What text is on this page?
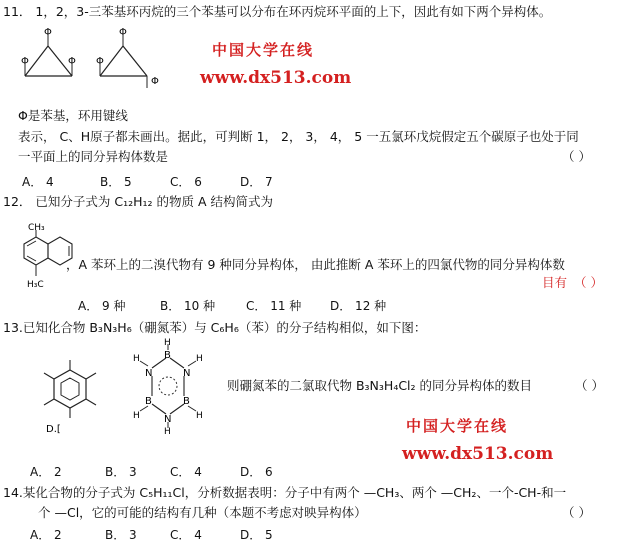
11． 1，2，3-三苯基环丙烷的三个苯基可以分布在环丙烷环平面的上下，因此有如下两个异构体。
Φ
Φ
Φ Φ
Φ
Φ
中国大学在线
www.dx513.com
Φ是苯基，环用键线
表示， C、H原子都未画出。据此，可判断 1， 2， 3， 4， 5 一五氯环戊烷假定五个碳原子也处于同
一平面上的同分异构体数是	（ ）
A． 4	B． 5	C． 6	D． 7
12． 已知分子式为 C₁₂H₁₂ 的物质 A 结构简式为
CH₃
H₃C
，A 苯环上的二溴代物有 9 种同分异构体， 由此推断 A 苯环上的四氯代物的同分异构体数
目有 （ ）
A． 9 种	B． 10 种	C． 11 种 D． 12 种
13.已知化合物 B₃N₃H₆（硼氮苯）与 C₆H₆（苯）的分子结构相似，如下图：
D.[
B
N
B
N
B
N
H
H
H
H
H
H
则硼氮苯的二氯取代物 B₃N₃H₄Cl₂ 的同分异构体的数目	（ ）
中国大学在线
www.dx513.com
A． 2	B． 3	C． 4	D． 6
14.某化合物的分子式为 C₅H₁₁Cl，分析数据表明：分子中有两个 —CH₃、两个 —CH₂、一个-CH-和一
个 —Cl，它的可能的结构有几种（本题不考虑对映异构体）	（ ）
A． 2	B． 3	C． 4	D． 5
